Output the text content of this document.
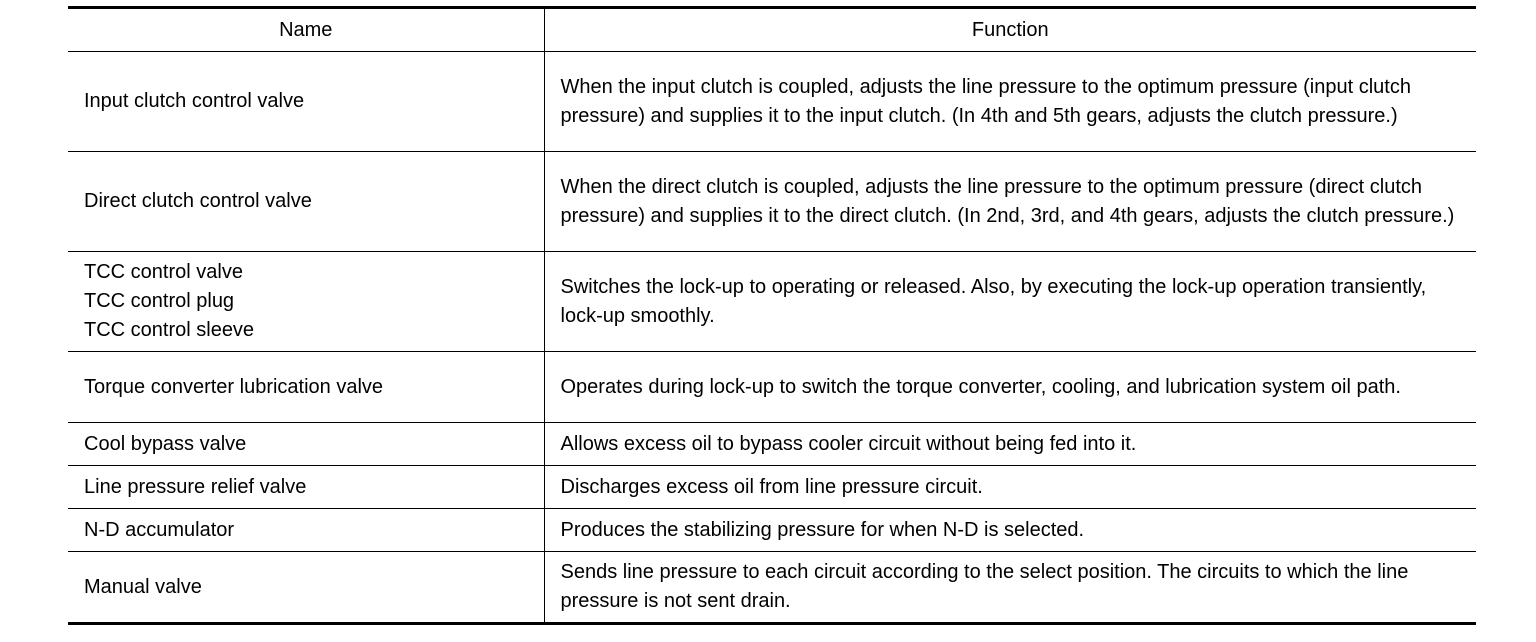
Name	Function

Input clutch control valve	When the input clutch is coupled, adjusts the line pressure to the optimum pressure (input clutch pressure) and supplies it to the input clutch. (In 4th and 5th gears, adjusts the clutch pressure.)

Direct clutch control valve	When the direct clutch is coupled, adjusts the line pressure to the optimum pressure (direct clutch pressure) and supplies it to the direct clutch. (In 2nd, 3rd, and 4th gears, adjusts the clutch pressure.)

TCC control valve
TCC control plug
TCC control sleeve	Switches the lock-up to operating or released. Also, by executing the lock-up operation transiently, lock-up smoothly.

Torque converter lubrication valve	Operates during lock-up to switch the torque converter, cooling, and lubrication system oil path.

Cool bypass valve	Allows excess oil to bypass cooler circuit without being fed into it.

Line pressure relief valve	Discharges excess oil from line pressure circuit.

N-D accumulator	Produces the stabilizing pressure for when N-D is selected.

Manual valve	Sends line pressure to each circuit according to the select position. The circuits to which the line pressure is not sent drain.
